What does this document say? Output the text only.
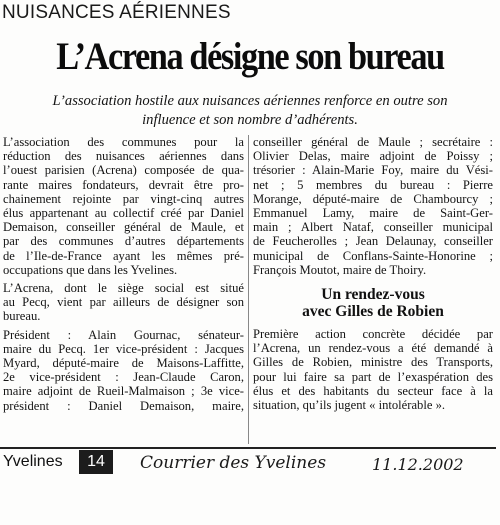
NUISANCES AÉRIENNES
L’Acrena désigne son bureau
L’association hostile aux nuisances aériennes renforce en outre son
influence et son nombre d’adhérents.
L’association des communes pour la
réduction des nuisances aériennes dans
l’ouest parisien (Acrena) composée de qua-
rante maires fondateurs, devrait être pro-
chainement rejointe par vingt-cinq autres
élus appartenant au collectif créé par Daniel
Demaison, conseiller général de Maule, et
par des communes d’autres départements
de l’Ile-de-France ayant les mêmes pré-
occupations que dans les Yvelines.
L’Acrena, dont le siège social est situé
au Pecq, vient par ailleurs de désigner son
bureau.
Président : Alain Gournac, sénateur-
maire du Pecq. 1er vice-président : Jacques
Myard, député-maire de Maisons-Laffitte,
2e vice-président : Jean-Claude Caron,
maire adjoint de Rueil-Malmaison ; 3e vice-
président : Daniel Demaison, maire,
conseiller général de Maule ; secrétaire :
Olivier Delas, maire adjoint de Poissy ;
trésorier : Alain-Marie Foy, maire du Vési-
net ; 5 membres du bureau : Pierre
Morange, député-maire de Chambourcy ;
Emmanuel Lamy, maire de Saint-Ger-
main ; Albert Nataf, conseiller municipal
de Feucherolles ; Jean Delaunay, conseiller
municipal de Conflans-Sainte-Honorine ;
François Moutot, maire de Thoiry.
Un rendez-vous
avec Gilles de Robien
Première action concrète décidée par
l’Acrena, un rendez-vous a été demandé à
Gilles de Robien, ministre des Transports,
pour lui faire sa part de l’exaspération des
élus et des habitants du secteur face à la
situation, qu’ils jugent « intolérable ».
Yvelines	14	Courrier des Yvelines	11.12.2002
